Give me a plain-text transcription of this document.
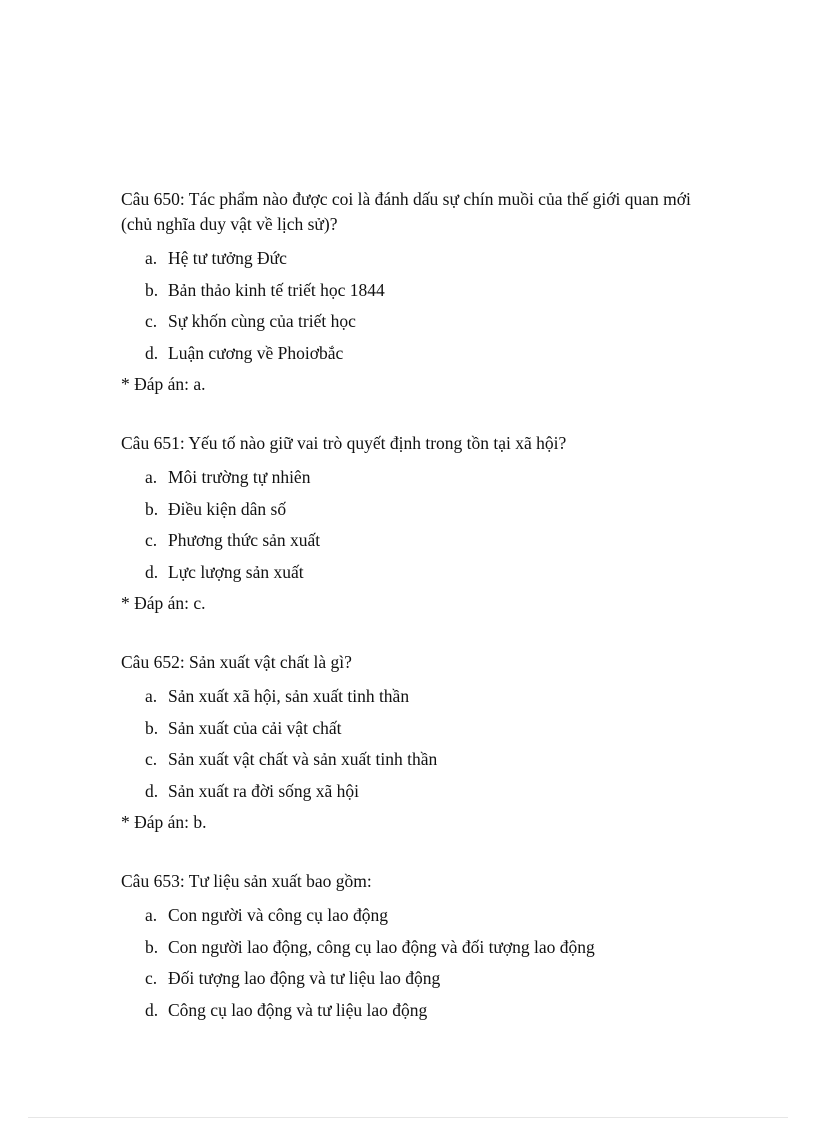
Câu 650: Tác phẩm nào được coi là đánh dấu sự chín muồi của thế giới quan mới (chủ nghĩa duy vật về lịch sử)?

a. Hệ tư tưởng Đức
b. Bản thảo kinh tế triết học 1844
c. Sự khốn cùng của triết học
d. Luận cương về Phoiơbắc

* Đáp án: a.

Câu 651: Yếu tố nào giữ vai trò quyết định trong tồn tại xã hội?

a. Môi trường tự nhiên
b. Điều kiện dân số
c. Phương thức sản xuất
d. Lực lượng sản xuất

* Đáp án: c.

Câu 652: Sản xuất vật chất là gì?

a. Sản xuất xã hội, sản xuất tinh thần
b. Sản xuất của cải vật chất
c. Sản xuất vật chất và sản xuất tinh thần
d. Sản xuất ra đời sống xã hội

* Đáp án: b.

Câu 653: Tư liệu sản xuất bao gồm:

a. Con người và công cụ lao động
b. Con người lao động, công cụ lao động và đối tượng lao động
c. Đối tượng lao động và tư liệu lao động
d. Công cụ lao động và tư liệu lao động
